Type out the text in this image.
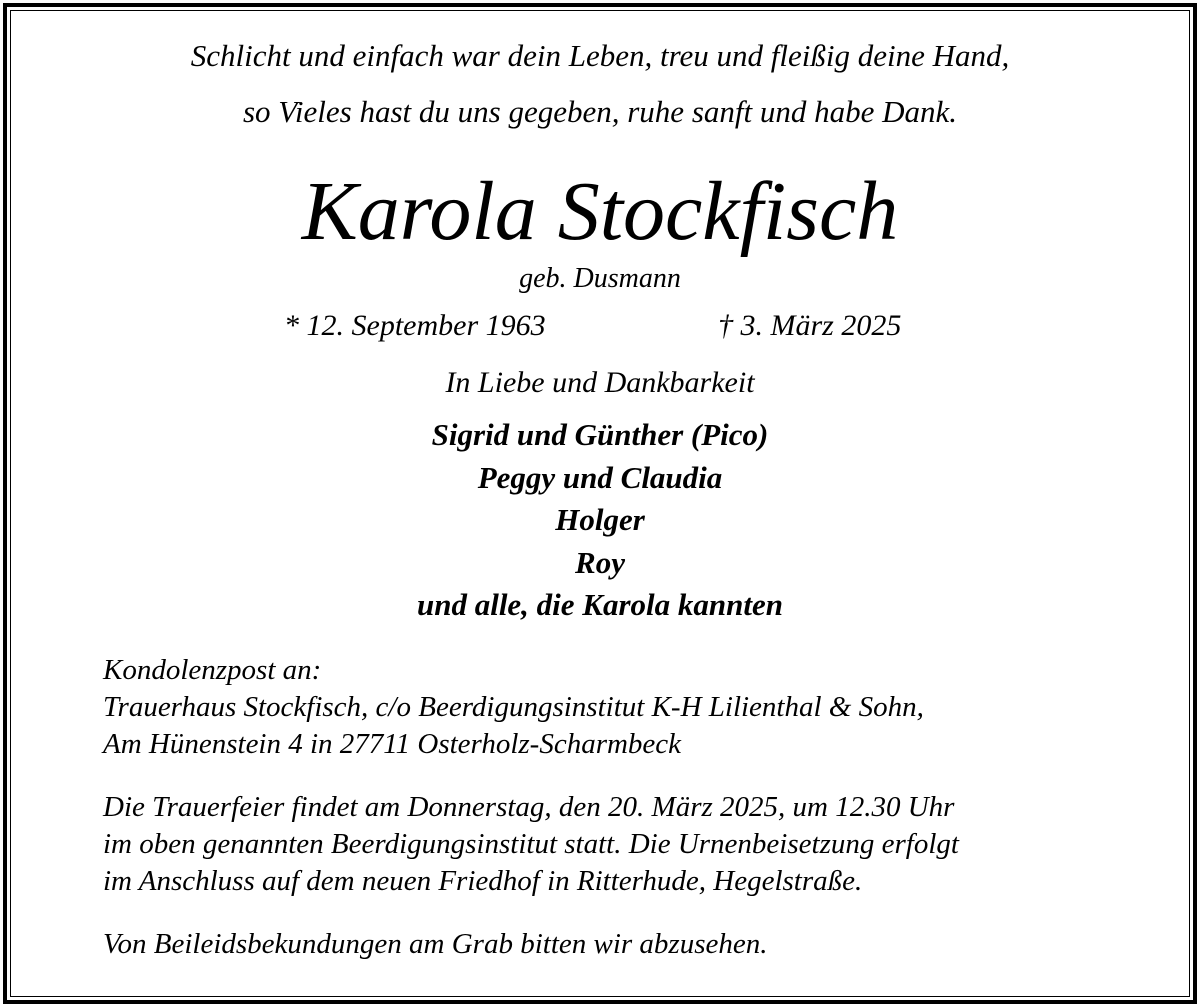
Schlicht und einfach war dein Leben, treu und fleißig deine Hand,
so Vieles hast du uns gegeben, ruhe sanft und habe Dank.
Karola Stockfisch
geb. Dusmann
* 12. September 1963	† 3. März 2025
In Liebe und Dankbarkeit
Sigrid und Günther (Pico)
Peggy und Claudia
Holger
Roy
und alle, die Karola kannten

Kondolenzpost an:

Trauerhaus Stockfisch, c/o Beerdigungsinstitut K-H Lilienthal & Sohn,

Am Hünenstein 4 in 27711 Osterholz-Scharmbeck

Die Trauerfeier findet am Donnerstag, den 20. März 2025, um 12.30 Uhr

im oben genannten Beerdigungsinstitut statt. Die Urnenbeisetzung erfolgt

im Anschluss auf dem neuen Friedhof in Ritterhude, Hegelstraße.

Von Beileidsbekundungen am Grab bitten wir abzusehen.
